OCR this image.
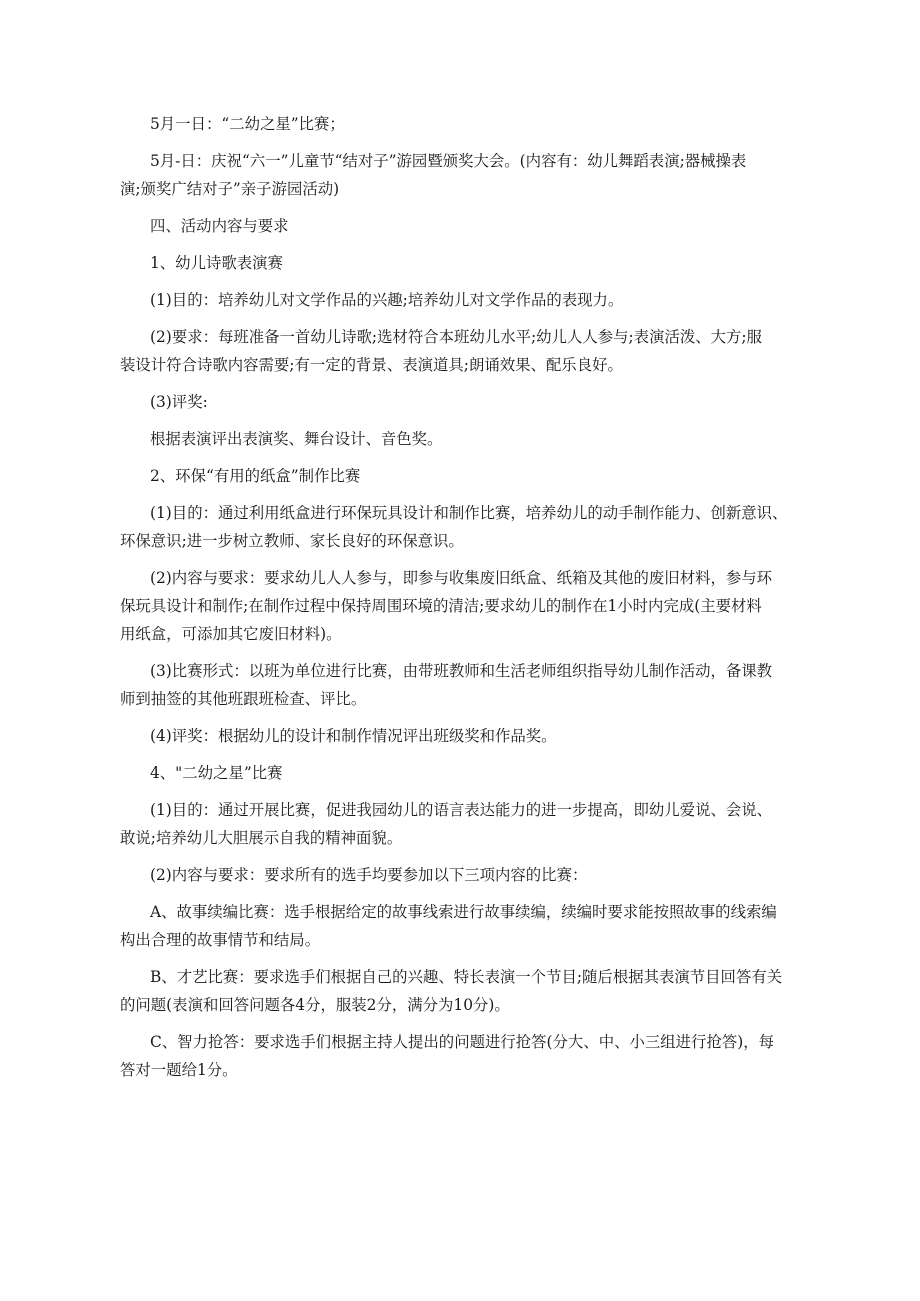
5月一日：“二幼之星”比赛；

5月-日：庆祝“六一”儿童节“结对子”游园暨颁奖大会。(内容有：幼儿舞蹈表演;器械操表

演;颁奖广结对子”亲子游园活动)

四、活动内容与要求

1、幼儿诗歌表演赛

(1)目的：培养幼儿对文学作品的兴趣;培养幼儿对文学作品的表现力。

(2)要求：每班准备一首幼儿诗歌;选材符合本班幼儿水平;幼儿人人参与;表演活泼、大方;服

装设计符合诗歌内容需要;有一定的背景、表演道具;朗诵效果、配乐良好。

(3)评奖:

根据表演评出表演奖、舞台设计、音色奖。

2、环保“有用的纸盒”制作比赛

(1)目的：通过利用纸盒进行环保玩具设计和制作比赛，培养幼儿的动手制作能力、创新意识、

环保意识;进一步树立教师、家长良好的环保意识。

(2)内容与要求：要求幼儿人人参与，即参与收集废旧纸盒、纸箱及其他的废旧材料，参与环

保玩具设计和制作;在制作过程中保持周围环境的清洁;要求幼儿的制作在1小时内完成(主要材料

用纸盒，可添加其它废旧材料)。

(3)比赛形式：以班为单位进行比赛，由带班教师和生活老师组织指导幼儿制作活动，备课教

师到抽签的其他班跟班检查、评比。

(4)评奖：根据幼儿的设计和制作情况评出班级奖和作品奖。

4、"二幼之星”比赛

(1)目的：通过开展比赛，促进我园幼儿的语言表达能力的进一步提高，即幼儿爱说、会说、

敢说;培养幼儿大胆展示自我的精神面貌。

(2)内容与要求：要求所有的选手均要参加以下三项内容的比赛：

A、故事续编比赛：选手根据给定的故事线索进行故事续编，续编时要求能按照故事的线索编

构出合理的故事情节和结局。

B、才艺比赛：要求选手们根据自己的兴趣、特长表演一个节目;随后根据其表演节目回答有关

的问题(表演和回答问题各4分，服装2分，满分为10分)。

C、智力抢答：要求选手们根据主持人提出的问题进行抢答(分大、中、小三组进行抢答)，每

答对一题给1分。
